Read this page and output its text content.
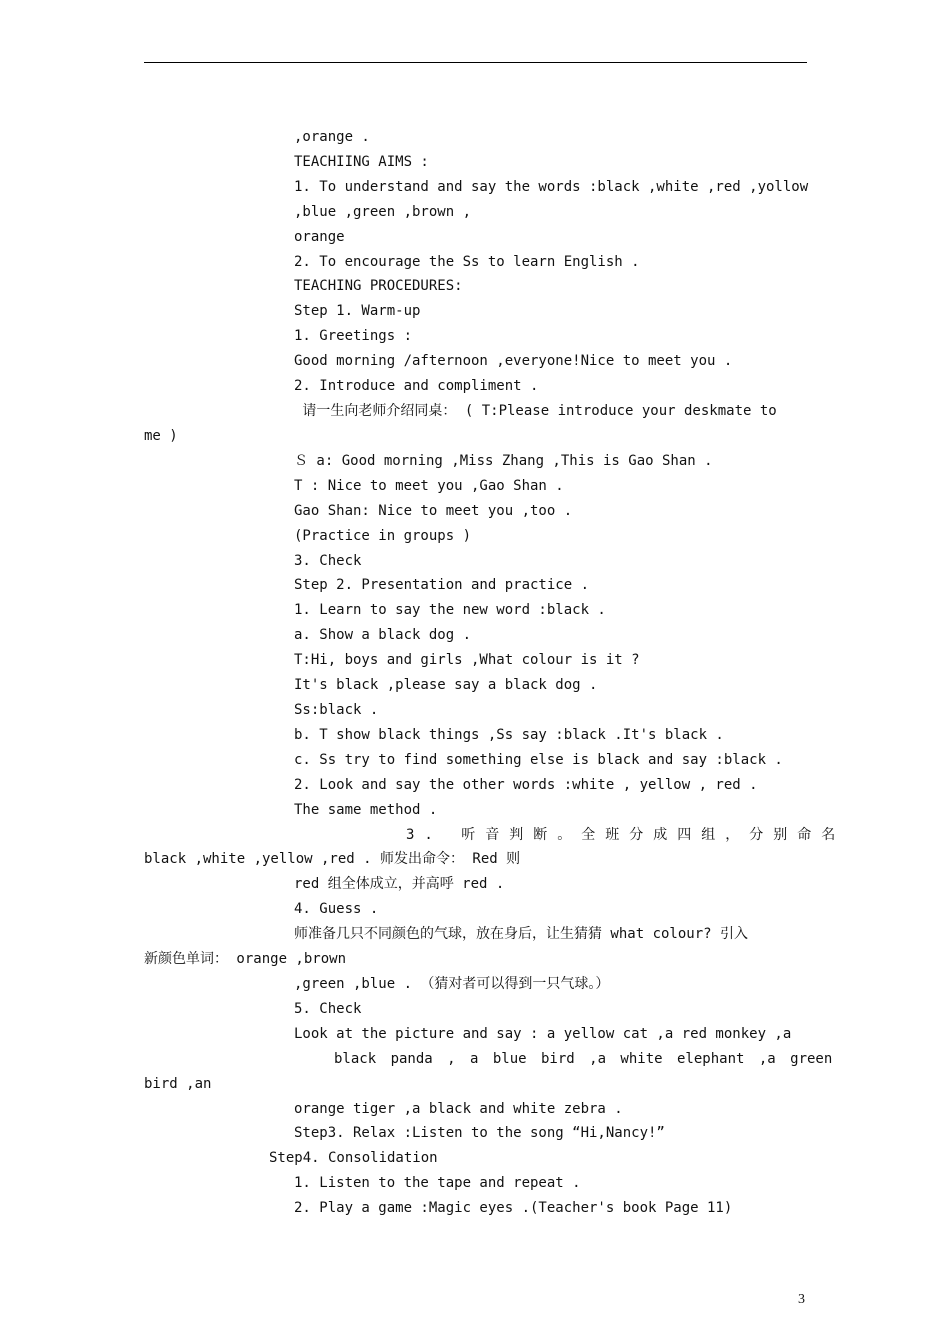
,orange .
TEACHIING AIMS :
1. To understand and say the words :black ,white ,red ,yollow
,blue ,green ,brown ,
orange
2. To encourage the Ss to learn English .
TEACHING PROCEDURES:
Step 1. Warm-up
1. Greetings :
Good morning /afternoon ,everyone!Nice to meet you .
2. Introduce and compliment .
请一生向老师介绍同桌： ( T:Please introduce your deskmate to
me )
Ｓ a: Good morning ,Miss Zhang ,This is Gao Shan .
T : Nice to meet you ,Gao Shan .
Gao Shan: Nice to meet you ,too .
(Practice in groups )
3. Check
Step 2. Presentation and practice .
1. Learn to say the new word :black .
a. Show a black dog .
T:Hi, boys and girls ,What colour is it ?
It's black ,please say a black dog .
Ss:black .
b. T show black things ,Ss say :black .It's black .
c. Ss try to find something else is black and say :black .
2. Look and say the other words :white , yellow , red .
The same method .
3. 听音判断。全班分成四组，分别命名
black ,white ,yellow ,red . 师发出命令： Red 则
red 组全体成立，并高呼 red .
4. Guess .
师准备几只不同颜色的气球，放在身后，让生猜猜 what colour? 引入
新颜色单词： orange ,brown
,green ,blue . （猜对者可以得到一只气球。）
5. Check
Look at the picture and say : a yellow cat ,a red monkey ,a
black panda , a blue bird ,a white elephant ,a green
bird ,an
orange tiger ,a black and white zebra .
Step3. Relax :Listen to the song “Hi,Nancy!”
Step4. Consolidation
1. Listen to the tape and repeat .
2. Play a game :Magic eyes .(Teacher's book Page 11)
3
